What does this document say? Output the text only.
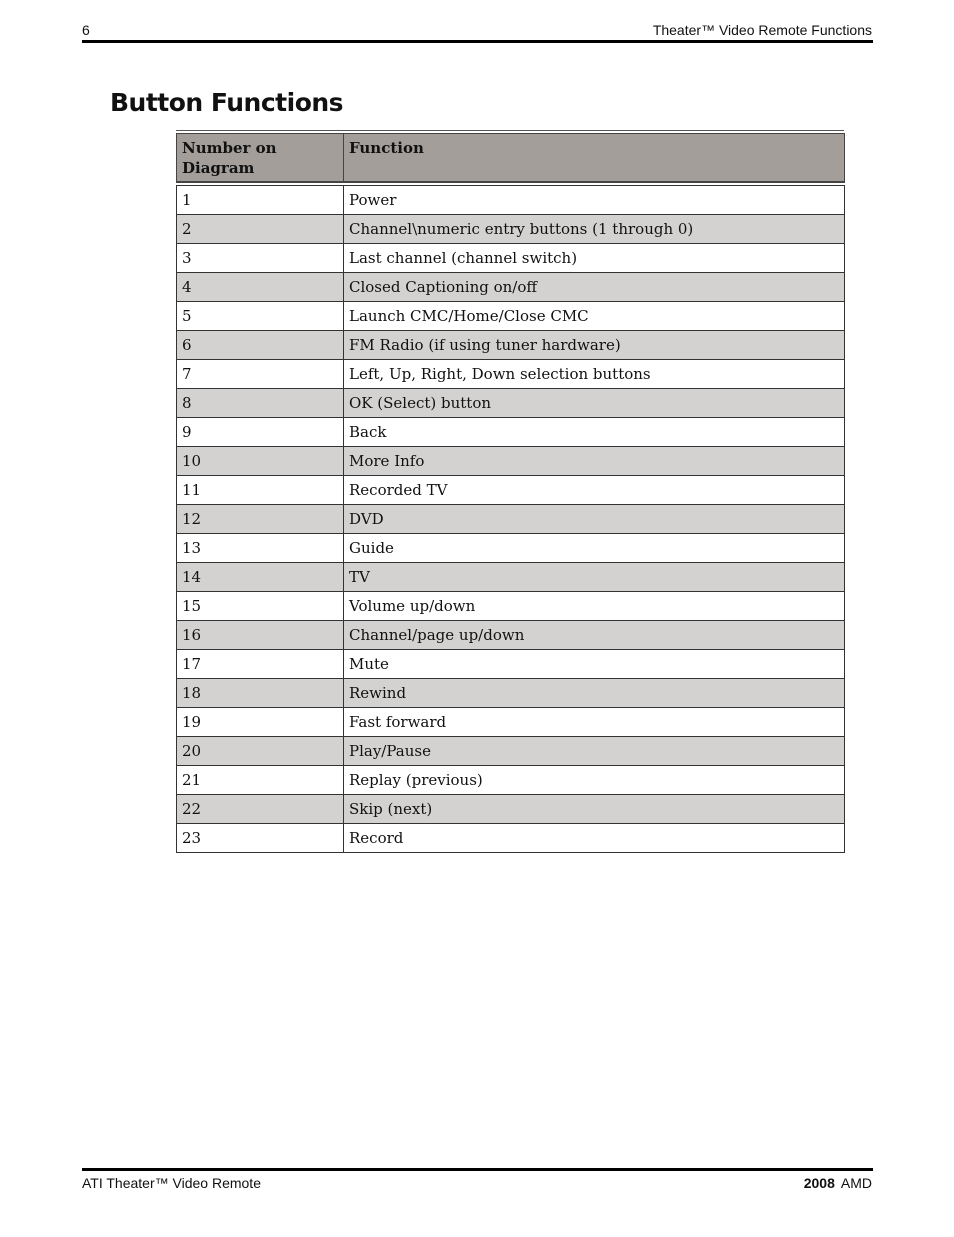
6	Theater™ Video Remote Functions
Button Functions
Number on Diagram	Function

1	Power
2	Channel\numeric entry buttons (1 through 0)
3	Last channel (channel switch)
4	Closed Captioning on/off
5	Launch CMC/Home/Close CMC
6	FM Radio (if using tuner hardware)
7	Left, Up, Right, Down selection buttons
8	OK (Select) button
9	Back
10	More Info
11	Recorded TV
12	DVD
13	Guide
14	TV
15	Volume up/down
16	Channel/page up/down
17	Mute
18	Rewind
19	Fast forward
20	Play/Pause
21	Replay (previous)
22	Skip (next)
23	Record
ATI Theater™ Video Remote	2008 AMD
